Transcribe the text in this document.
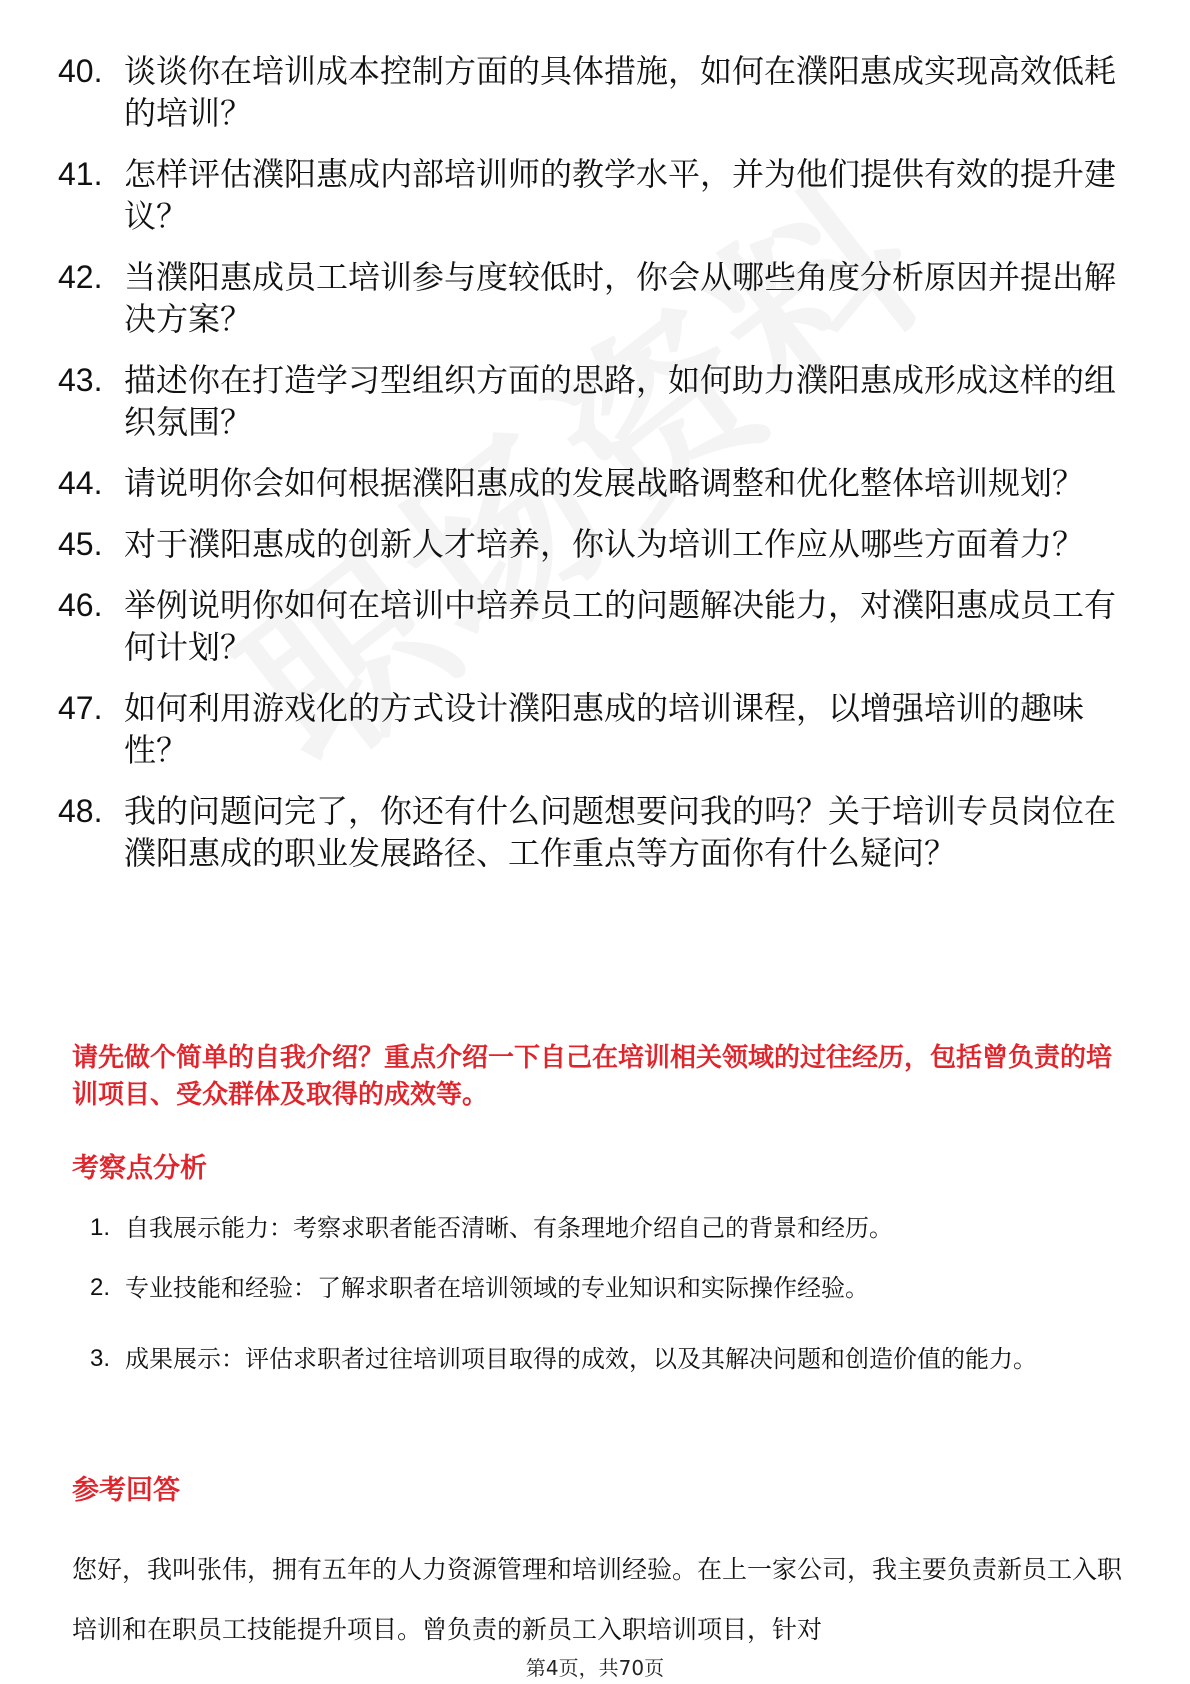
40. 谈谈你在培训成本控制方面的具体措施，如何在濮阳惠成实现高效低耗的培训？
41. 怎样评估濮阳惠成内部培训师的教学水平，并为他们提供有效的提升建议？
42. 当濮阳惠成员工培训参与度较低时，你会从哪些角度分析原因并提出解决方案？
43. 描述你在打造学习型组织方面的思路，如何助力濮阳惠成形成这样的组织氛围？
44. 请说明你会如何根据濮阳惠成的发展战略调整和优化整体培训规划？
45. 对于濮阳惠成的创新人才培养，你认为培训工作应从哪些方面着力？
46. 举例说明你如何在培训中培养员工的问题解决能力，对濮阳惠成员工有何计划？
47. 如何利用游戏化的方式设计濮阳惠成的培训课程，以增强培训的趣味性？
48. 我的问题问完了，你还有什么问题想要问我的吗？关于培训专员岗位在濮阳惠成的职业发展路径、工作重点等方面你有什么疑问？
请先做个简单的自我介绍？重点介绍一下自己在培训相关领域的过往经历，包括曾负责的培训项目、受众群体及取得的成效等。
考察点分析
1. 自我展示能力：考察求职者能否清晰、有条理地介绍自己的背景和经历。
2. 专业技能和经验：了解求职者在培训领域的专业知识和实际操作经验。
3. 成果展示：评估求职者过往培训项目取得的成效，以及其解决问题和创造价值的能力。
参考回答
您好，我叫张伟，拥有五年的人力资源管理和培训经验。在上一家公司，我主要负责新员工入职培训和在职员工技能提升项目。曾负责的新员工入职培训项目，针对
第4页，共70页
